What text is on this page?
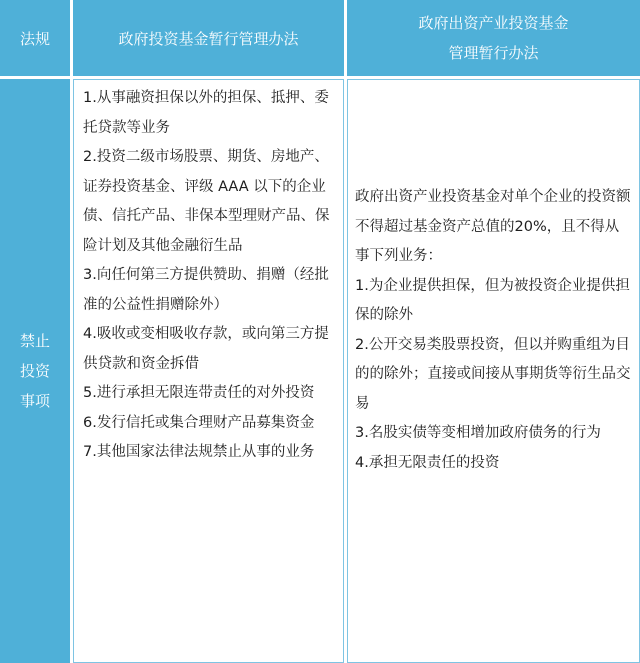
法规	政府投资基金暂行管理办法
政府出资产业投资基金
管理暂行办法
禁止
投资
事项

1.从事融资担保以外的担保、抵押、委托贷款等业务

2.投资二级市场股票、期货、房地产、证券投资基金、评级 AAA 以下的企业债、信托产品、非保本型理财产品、保险计划及其他金融衍生品

3.向任何第三方提供赞助、捐赠（经批准的公益性捐赠除外）

4.吸收或变相吸收存款，或向第三方提供贷款和资金拆借

5.进行承担无限连带责任的对外投资

6.发行信托或集合理财产品募集资金

7.其他国家法律法规禁止从事的业务

政府出资产业投资基金对单个企业的投资额不得超过基金资产总值的20%，且不得从事下列业务：

1.为企业提供担保，但为被投资企业提供担保的除外

2.公开交易类股票投资，但以并购重组为目的的除外；直接或间接从事期货等衍生品交易

3.名股实债等变相增加政府债务的行为

4.承担无限责任的投资
